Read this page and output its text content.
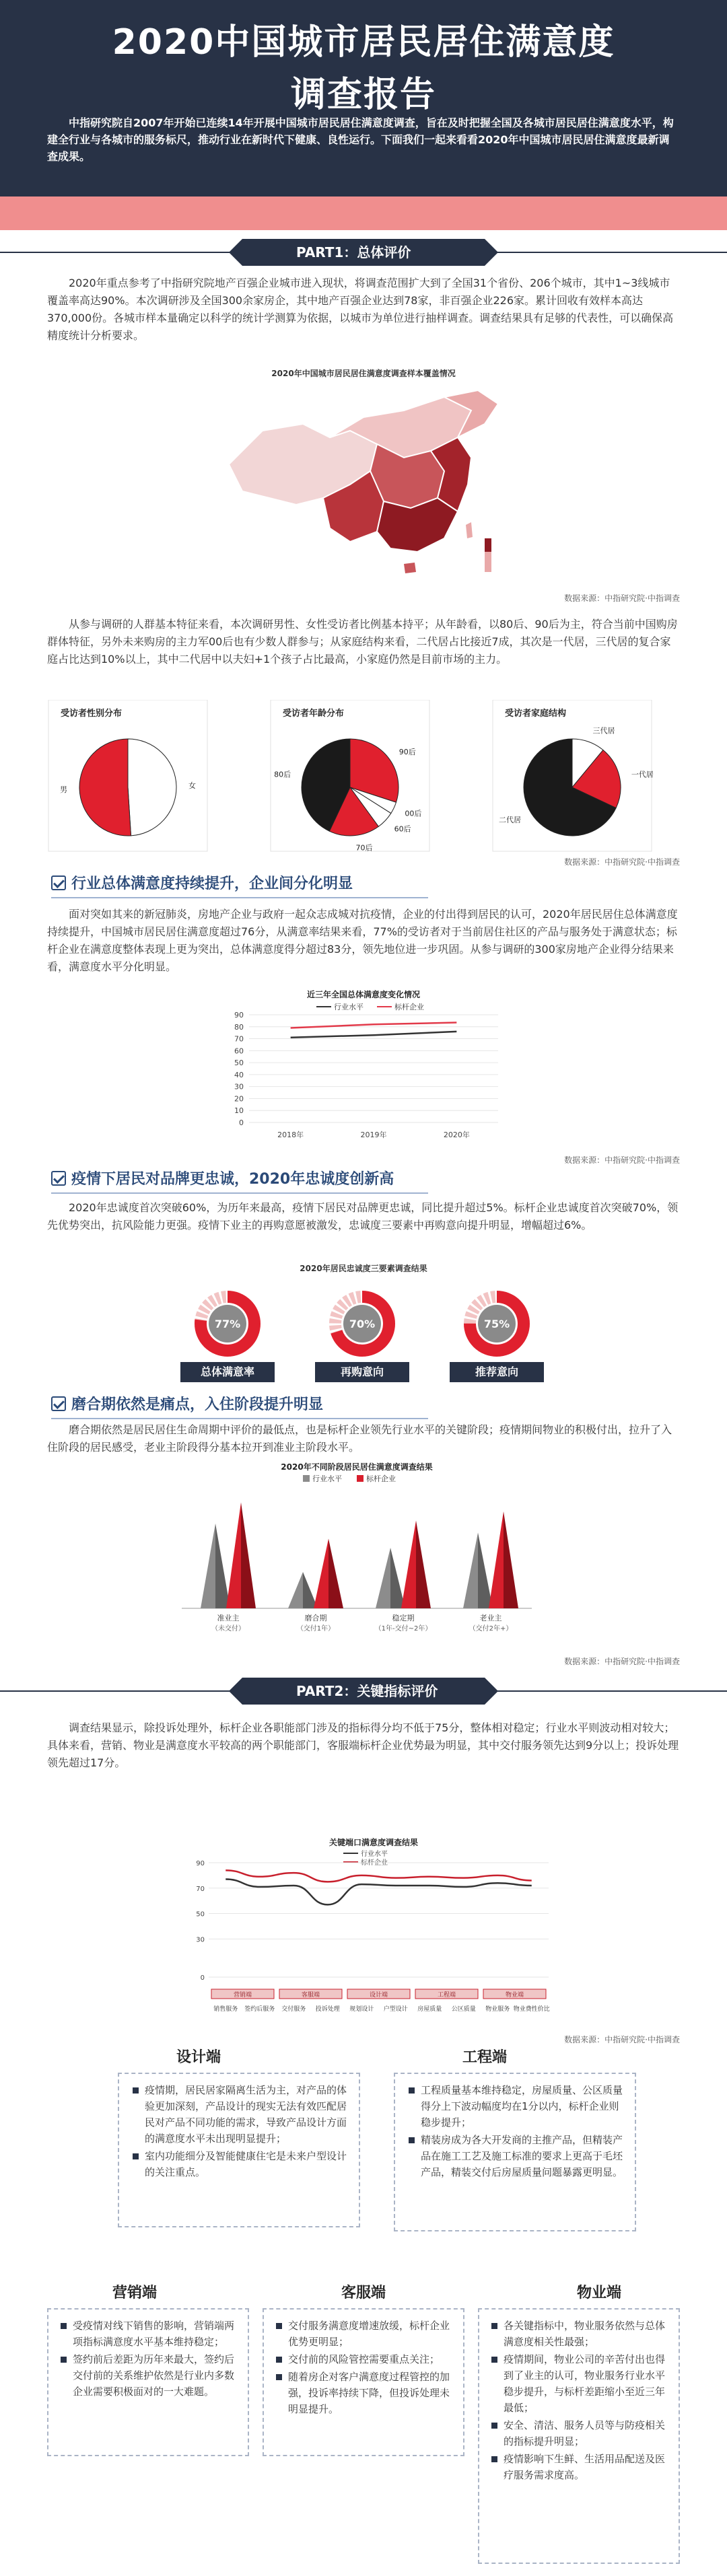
2020中国城市居民居住满意度
调查报告
中指研究院自2007年开始已连续14年开展中国城市居民居住满意度调查，旨在及时把握全国及各城市居民居住满意度水平，构建全行业与各城市的服务标尺，推动行业在新时代下健康、良性运行。下面我们一起来看看2020年中国城市居民居住满意度最新调查成果。
PART1：总体评价
2020年重点参考了中指研究院地产百强企业城市进入现状，将调查范围扩大到了全国31个省份、206个城市，其中1~3线城市覆盖率高达90%。本次调研涉及全国300余家房企，其中地产百强企业达到78家，非百强企业226家。累计回收有效样本高达370,000份。各城市样本量确定以科学的统计学测算为依据，以城市为单位进行抽样调查。调查结果具有足够的代表性，可以确保高精度统计分析要求。
2020年中国城市居民居住满意度调查样本覆盖情况
数据来源：中指研究院·中指调查
从参与调研的人群基本特征来看，本次调研男性、女性受访者比例基本持平；从年龄看，以80后、90后为主，符合当前中国购房群体特征，另外未来购房的主力军00后也有少数人群参与；从家庭结构来看，二代居占比接近7成，其次是一代居，三代居的复合家庭占比达到10%以上，其中二代居中以夫妇+1个孩子占比最高，小家庭仍然是目前市场的主力。
受访者性别分布
女
男
受访者年龄分布
90后
00后
60后
70后
80后
受访者家庭结构
三代居
一代居
二代居
数据来源：中指研究院·中指调查
行业总体满意度持续提升，企业间分化明显
面对突如其来的新冠肺炎，房地产企业与政府一起众志成城对抗疫情，企业的付出得到居民的认可，2020年居民居住总体满意度持续提升，中国城市居民居住满意度超过76分，从满意率结果来看，77%的受访者对于当前居住社区的产品与服务处于满意状态；标杆企业在满意度整体表现上更为突出，总体满意度得分超过83分，领先地位进一步巩固。从参与调研的300家房地产企业得分结果来看，满意度水平分化明显。
近三年全国总体满意度变化情况
行业水平	标杆企业
0
10
20
30
40
50
60
70
80
90
2018年	2019年	2020年
数据来源：中指研究院·中指调查
疫情下居民对品牌更忠诚，2020年忠诚度创新高
2020年忠诚度首次突破60%，为历年来最高，疫情下居民对品牌更忠诚，同比提升超过5%。标杆企业忠诚度首次突破70%，领先优势突出，抗风险能力更强。疫情下业主的再购意愿被激发，忠诚度三要素中再购意向提升明显，增幅超过6%。
2020年居民忠诚度三要素调查结果
77%
总体满意率
70%
再购意向
75%
推荐意向
磨合期依然是痛点，入住阶段提升明显
磨合期依然是居民居住生命周期中评价的最低点，也是标杆企业领先行业水平的关键阶段；疫情期间物业的积极付出，拉升了入住阶段的居民感受，老业主阶段得分基本拉开到准业主阶段水平。
2020年不同阶段居民居住满意度调查结果
行业水平	标杆企业
准业主
（未交付）
磨合期
（交付1年）
稳定期
（1年-交付~2年）
老业主
（交付2年+）
数据来源：中指研究院·中指调查
PART2：关键指标评价
调查结果显示，除投诉处理外，标杆企业各职能部门涉及的指标得分均不低于75分，整体相对稳定；行业水平则波动相对较大；具体来看，营销、物业是满意度水平较高的两个职能部门，客服端标杆企业优势最为明显，其中交付服务领先达到9分以上；投诉处理领先超过17分。
关键端口满意度调查结果
行业水平
标杆企业
0
30
50
70
90
营销端	客服端	设计端	工程端	物业端
销售服务 签约后服务 交付服务 投诉处理 规划设计 户型设计 房屋质量 公区质量 物业服务 物业费性价比
数据来源：中指研究院·中指调查
设计端
疫情期，居民居家隔离生活为主，对产品的体验更加深刻，产品设计的现实无法有效匹配居民对产品不同功能的需求，导致产品设计方面的满意度水平未出现明显提升；
室内功能细分及智能健康住宅是未来户型设计的关注重点。
工程端
工程质量基本维持稳定，房屋质量、公区质量得分上下波动幅度均在1分以内，标杆企业则稳步提升；
精装房成为各大开发商的主推产品，但精装产品在施工工艺及施工标准的要求上更高于毛坯产品，精装交付后房屋质量问题暴露更明显。
营销端
受疫情对线下销售的影响，营销端两项指标满意度水平基本维持稳定；
签约前后差距为历年来最大，签约后交付前的关系维护依然是行业内多数企业需要积极面对的一大难题。
客服端
交付服务满意度增速放缓，标杆企业优势更明显；
交付前的风险管控需要重点关注；
随着房企对客户满意度过程管控的加强，投诉率持续下降，但投诉处理未明显提升。
物业端
各关键指标中，物业服务依然与总体满意度相关性最强；
疫情期间，物业公司的辛苦付出也得到了业主的认可，物业服务行业水平稳步提升，与标杆差距缩小至近三年最低；
安全、清洁、服务人员等与防疫相关的指标提升明显；
疫情影响下生鲜、生活用品配送及医疗服务需求度高。
